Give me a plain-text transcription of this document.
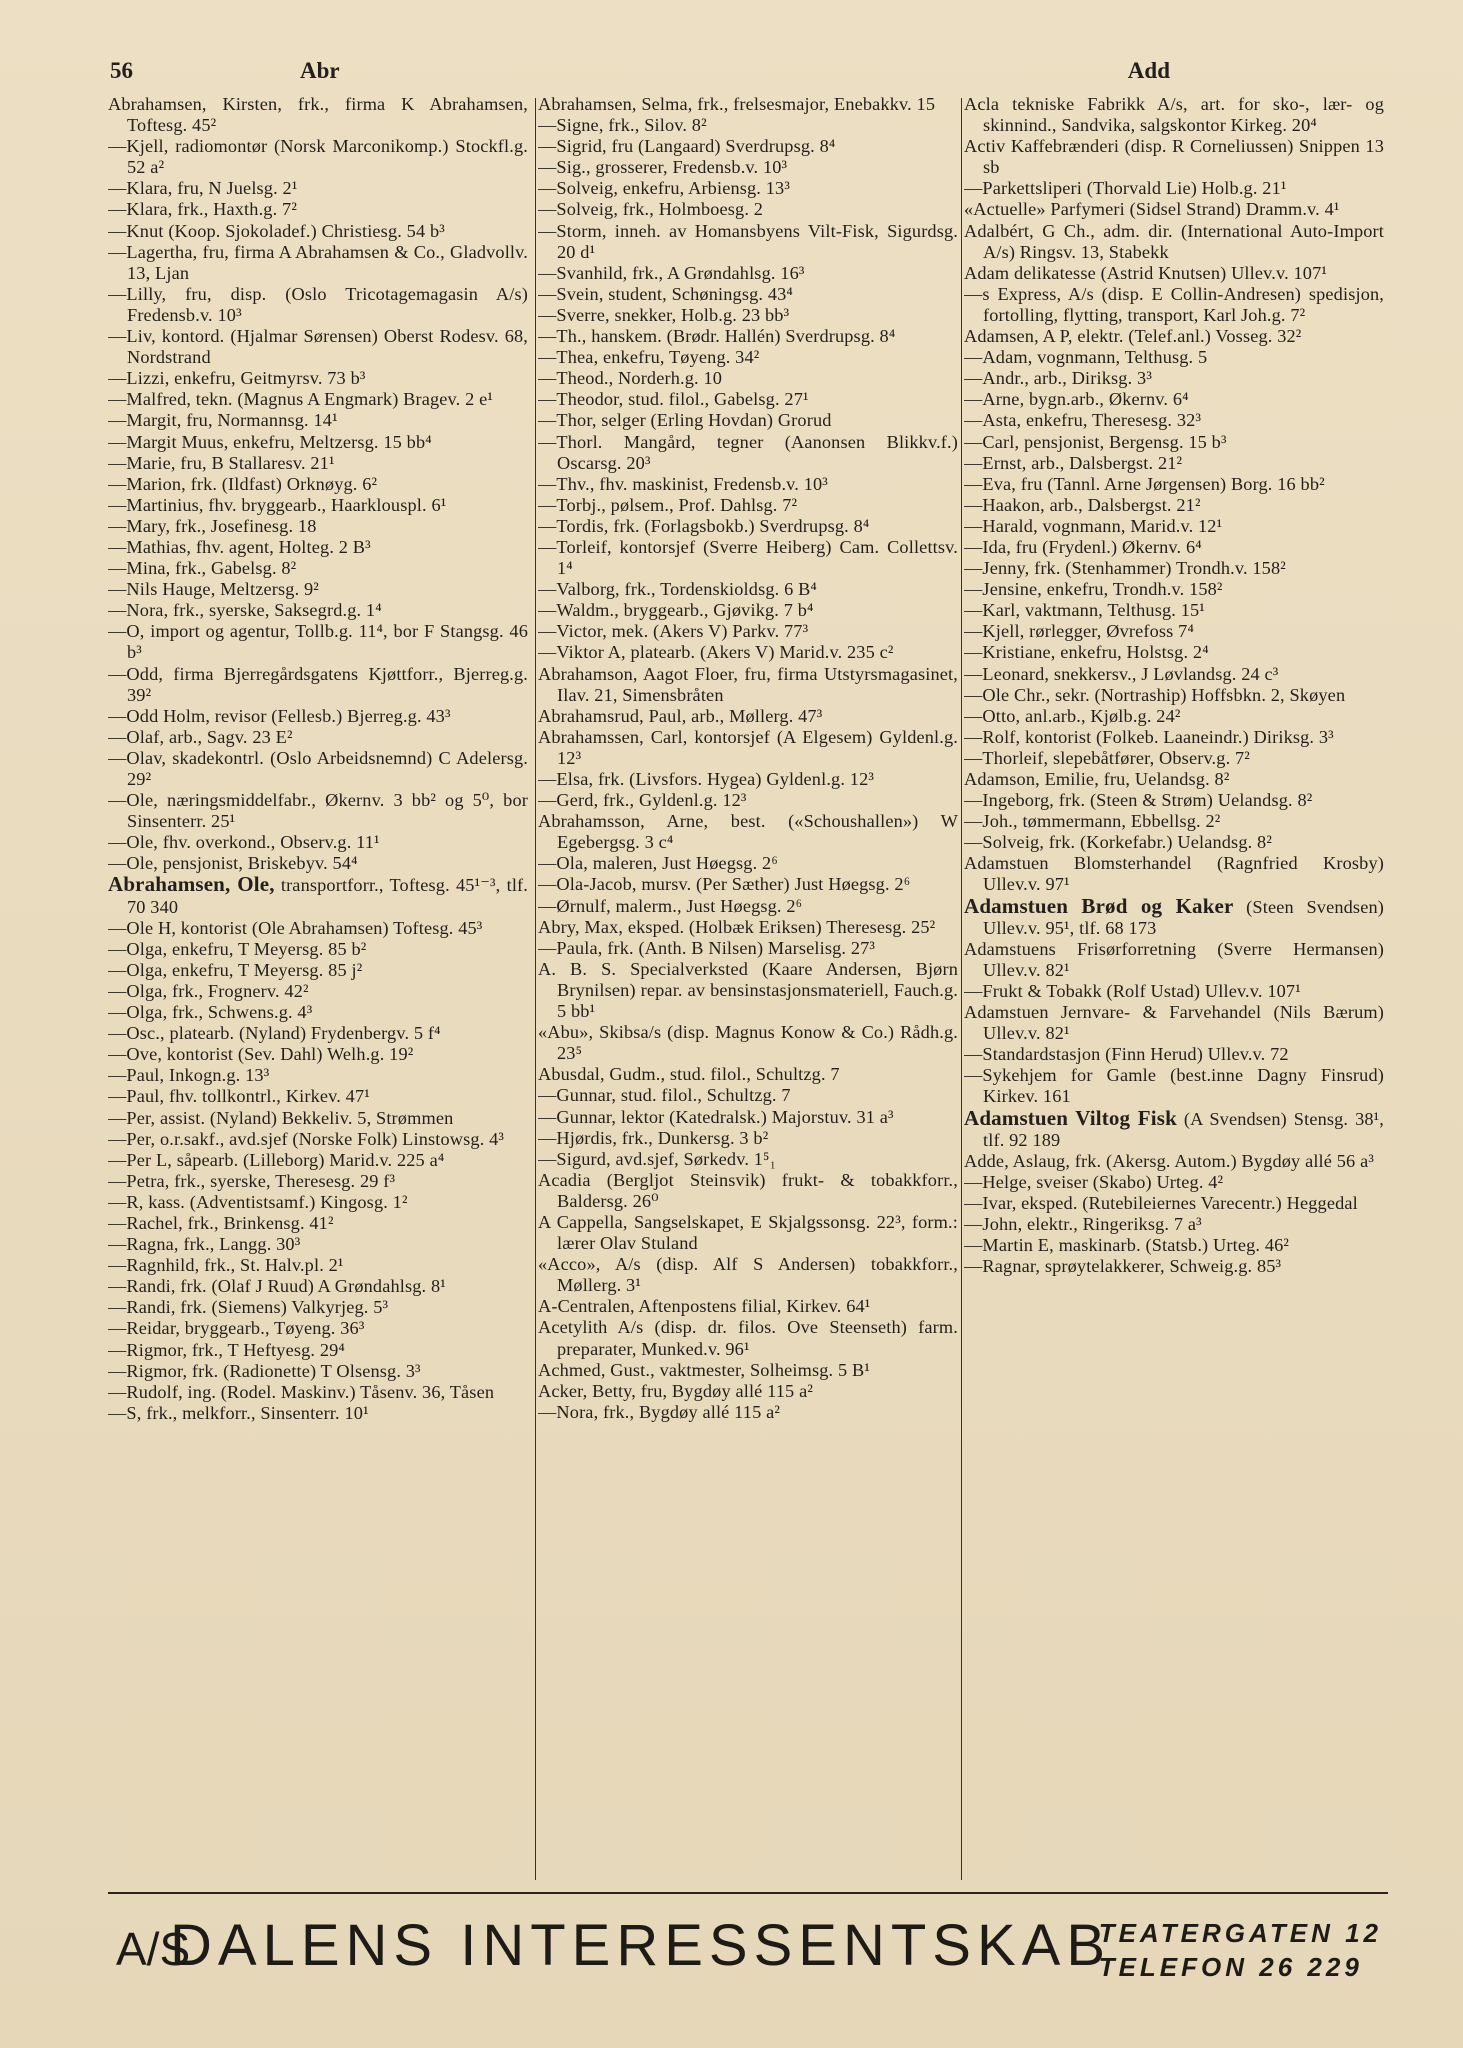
56	Abr	Add

Abrahamsen, Kirsten, frk., firma K Abrahamsen, Toftesg. 45²

—Kjell, radiomontør (Norsk Marconikomp.) Stockfl.g. 52 a²

—Klara, fru, N Juelsg. 2¹

—Klara, frk., Haxth.g. 7²

—Knut (Koop. Sjokoladef.) Christiesg. 54 b³

—Lagertha, fru, firma A Abrahamsen & Co., Gladvollv. 13, Ljan

—Lilly, fru, disp. (Oslo Tricotagemagasin A/s) Fredensb.v. 10³

—Liv, kontord. (Hjalmar Sørensen) Oberst Rodesv. 68, Nordstrand

—Lizzi, enkefru, Geitmyrsv. 73 b³

—Malfred, tekn. (Magnus A Engmark) Bragev. 2 e¹

—Margit, fru, Normannsg. 14¹

—Margit Muus, enkefru, Meltzersg. 15 bb⁴

—Marie, fru, B Stallaresv. 21¹

—Marion, frk. (Ildfast) Orknøyg. 6²

—Martinius, fhv. bryggearb., Haarklouspl. 6¹

—Mary, frk., Josefinesg. 18

—Mathias, fhv. agent, Holteg. 2 B³

—Mina, frk., Gabelsg. 8²

—Nils Hauge, Meltzersg. 9²

—Nora, frk., syerske, Saksegrd.g. 1⁴

—O, import og agentur, Tollb.g. 11⁴, bor F Stangsg. 46 b³

—Odd, firma Bjerregårdsgatens Kjøttforr., Bjerreg.g. 39²

—Odd Holm, revisor (Fellesb.) Bjerreg.g. 43³

—Olaf, arb., Sagv. 23 E²

—Olav, skadekontrl. (Oslo Arbeidsnemnd) C Adelersg. 29²

—Ole, næringsmiddelfabr., Økernv. 3 bb² og 5⁰, bor Sinsenterr. 25¹

—Ole, fhv. overkond., Observ.g. 11¹

—Ole, pensjonist, Briskebyv. 54⁴

Abrahamsen, Ole, transportforr., Toftesg. 45¹⁻³, tlf. 70 340

—Ole H, kontorist (Ole Abrahamsen) Toftesg. 45³

—Olga, enkefru, T Meyersg. 85 b²

—Olga, enkefru, T Meyersg. 85 j²

—Olga, frk., Frognerv. 42²

—Olga, frk., Schwens.g. 4³

—Osc., platearb. (Nyland) Frydenbergv. 5 f⁴

—Ove, kontorist (Sev. Dahl) Welh.g. 19²

—Paul, Inkogn.g. 13³

—Paul, fhv. tollkontrl., Kirkev. 47¹

—Per, assist. (Nyland) Bekkeliv. 5, Strømmen

—Per, o.r.sakf., avd.sjef (Norske Folk) Linstowsg. 4³

—Per L, såpearb. (Lilleborg) Marid.v. 225 a⁴

—Petra, frk., syerske, Theresesg. 29 f³

—R, kass. (Adventistsamf.) Kingosg. 1²

—Rachel, frk., Brinkensg. 41²

—Ragna, frk., Langg. 30³

—Ragnhild, frk., St. Halv.pl. 2¹

—Randi, frk. (Olaf J Ruud) A Grøndahlsg. 8¹

—Randi, frk. (Siemens) Valkyrjeg. 5³

—Reidar, bryggearb., Tøyeng. 36³

—Rigmor, frk., T Heftyesg. 29⁴

—Rigmor, frk. (Radionette) T Olsensg. 3³

—Rudolf, ing. (Rodel. Maskinv.) Tåsenv. 36, Tåsen

—S, frk., melkforr., Sinsenterr. 10¹

Abrahamsen, Selma, frk., frelsesmajor, Enebakkv. 15

—Signe, frk., Silov. 8²

—Sigrid, fru (Langaard) Sverdrupsg. 8⁴

—Sig., grosserer, Fredensb.v. 10³

—Solveig, enkefru, Arbiensg. 13³

—Solveig, frk., Holmboesg. 2

—Storm, inneh. av Homansbyens Vilt-Fisk, Sigurdsg. 20 d¹

—Svanhild, frk., A Grøndahlsg. 16³

—Svein, student, Schøningsg. 43⁴

—Sverre, snekker, Holb.g. 23 bb³

—Th., hanskem. (Brødr. Hallén) Sverdrupsg. 8⁴

—Thea, enkefru, Tøyeng. 34²

—Theod., Norderh.g. 10

—Theodor, stud. filol., Gabelsg. 27¹

—Thor, selger (Erling Hovdan) Grorud

—Thorl. Mangård, tegner (Aanonsen Blikkv.f.) Oscarsg. 20³

—Thv., fhv. maskinist, Fredensb.v. 10³

—Torbj., pølsem., Prof. Dahlsg. 7²

—Tordis, frk. (Forlagsbokb.) Sverdrupsg. 8⁴

—Torleif, kontorsjef (Sverre Heiberg) Cam. Collettsv. 1⁴

—Valborg, frk., Tordenskioldsg. 6 B⁴

—Waldm., bryggearb., Gjøvikg. 7 b⁴

—Victor, mek. (Akers V) Parkv. 77³

—Viktor A, platearb. (Akers V) Marid.v. 235 c²

Abrahamson, Aagot Floer, fru, firma Utstyrsmagasinet, Ilav. 21, Simensbråten

Abrahamsrud, Paul, arb., Møllerg. 47³

Abrahamssen, Carl, kontorsjef (A Elgesem) Gyldenl.g. 12³

—Elsa, frk. (Livsfors. Hygea) Gyldenl.g. 12³

—Gerd, frk., Gyldenl.g. 12³

Abrahamsson, Arne, best. («Schoushallen») W Egebergsg. 3 c⁴

—Ola, maleren, Just Høegsg. 2⁶

—Ola-Jacob, mursv. (Per Sæther) Just Høegsg. 2⁶

—Ørnulf, malerm., Just Høegsg. 2⁶

Abry, Max, eksped. (Holbæk Eriksen) Theresesg. 25²

—Paula, frk. (Anth. B Nilsen) Marselisg. 27³

A. B. S. Specialverksted (Kaare Andersen, Bjørn Brynilsen) repar. av bensinstasjonsmateriell, Fauch.g. 5 bb¹

«Abu», Skibsa/s (disp. Magnus Konow & Co.) Rådh.g. 23⁵

Abusdal, Gudm., stud. filol., Schultzg. 7

—Gunnar, stud. filol., Schultzg. 7

—Gunnar, lektor (Katedralsk.) Majorstuv. 31 a³

—Hjørdis, frk., Dunkersg. 3 b²

—Sigurd, avd.sjef, Sørkedv. 1⁵₁

Acadia (Bergljot Steinsvik) frukt- & tobakkforr., Baldersg. 26⁰

A Cappella, Sangselskapet, E Skjalgssonsg. 22³, form.: lærer Olav Stuland

«Acco», A/s (disp. Alf S Andersen) tobakkforr., Møllerg. 3¹

A-Centralen, Aftenpostens filial, Kirkev. 64¹

Acetylith A/s (disp. dr. filos. Ove Steenseth) farm. preparater, Munked.v. 96¹

Achmed, Gust., vaktmester, Solheimsg. 5 B¹

Acker, Betty, fru, Bygdøy allé 115 a²

—Nora, frk., Bygdøy allé 115 a²

Acla tekniske Fabrikk A/s, art. for sko-, lær- og skinnind., Sandvika, salgskontor Kirkeg. 20⁴

Activ Kaffebrænderi (disp. R Corneliussen) Snippen 13 sb

—Parkettsliperi (Thorvald Lie) Holb.g. 21¹

«Actuelle» Parfymeri (Sidsel Strand) Dramm.v. 4¹

Adalbért, G Ch., adm. dir. (International Auto-Import A/s) Ringsv. 13, Stabekk

Adam delikatesse (Astrid Knutsen) Ullev.v. 107¹

—s Express, A/s (disp. E Collin-Andresen) spedisjon, fortolling, flytting, transport, Karl Joh.g. 7²

Adamsen, A P, elektr. (Telef.anl.) Vosseg. 32²

—Adam, vognmann, Telthusg. 5

—Andr., arb., Diriksg. 3³

—Arne, bygn.arb., Økernv. 6⁴

—Asta, enkefru, Theresesg. 32³

—Carl, pensjonist, Bergensg. 15 b³

—Ernst, arb., Dalsbergst. 21²

—Eva, fru (Tannl. Arne Jørgensen) Borg. 16 bb²

—Haakon, arb., Dalsbergst. 21²

—Harald, vognmann, Marid.v. 12¹

—Ida, fru (Frydenl.) Økernv. 6⁴

—Jenny, frk. (Stenhammer) Trondh.v. 158²

—Jensine, enkefru, Trondh.v. 158²

—Karl, vaktmann, Telthusg. 15¹

—Kjell, rørlegger, Øvrefoss 7⁴

—Kristiane, enkefru, Holstsg. 2⁴

—Leonard, snekkersv., J Løvlandsg. 24 c³

—Ole Chr., sekr. (Nortraship) Hoffsbkn. 2, Skøyen

—Otto, anl.arb., Kjølb.g. 24²

—Rolf, kontorist (Folkeb. Laaneindr.) Diriksg. 3³

—Thorleif, slepebåtfører, Observ.g. 7²

Adamson, Emilie, fru, Uelandsg. 8²

—Ingeborg, frk. (Steen & Strøm) Uelandsg. 8²

—Joh., tømmermann, Ebbellsg. 2²

—Solveig, frk. (Korkefabr.) Uelandsg. 8²

Adamstuen Blomsterhandel (Ragnfried Krosby) Ullev.v. 97¹

Adamstuen Brød og Kaker (Steen Svendsen) Ullev.v. 95¹, tlf. 68 173

Adamstuens Frisørforretning (Sverre Hermansen) Ullev.v. 82¹

—Frukt & Tobakk (Rolf Ustad) Ullev.v. 107¹

Adamstuen Jernvare- & Farvehandel (Nils Bærum) Ullev.v. 82¹

—Standardstasjon (Finn Herud) Ullev.v. 72

—Sykehjem for Gamle (best.inne Dagny Finsrud) Kirkev. 161

Adamstuen Viltog Fisk (A Svendsen) Stensg. 38¹, tlf. 92 189

Adde, Aslaug, frk. (Akersg. Autom.) Bygdøy allé 56 a³

—Helge, sveiser (Skabo) Urteg. 4²

—Ivar, eksped. (Rutebileiernes Varecentr.) Heggedal

—John, elektr., Ringeriksg. 7 a³

—Martin E, maskinarb. (Statsb.) Urteg. 46²

—Ragnar, sprøytelakkerer, Schweig.g. 85³

A/S
DALENS INTERESSENTSKAB
TEATERGATEN 12
TELEFON 26 229
